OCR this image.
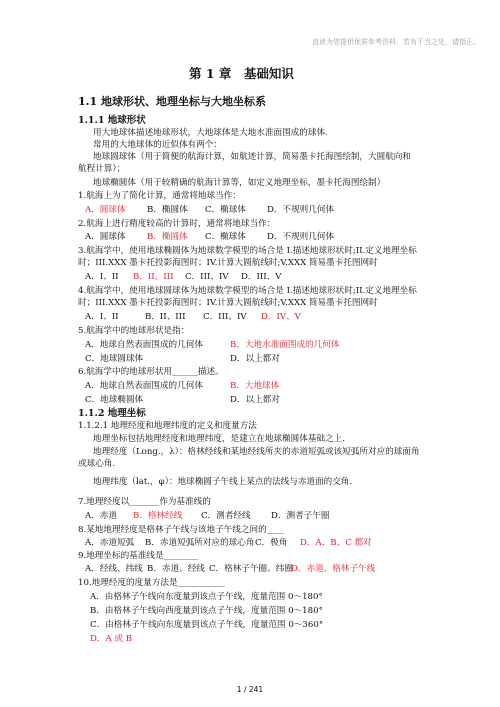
直读为您提供优质参考资料，若有不当之处，请指正。
第 1 章　基础知识
1.1 地球形状、地理坐标与大地坐标系
1.1.1 地球形状
用大地球体描述地球形状，大地球体是大地水准面围成的球体.
常用的大地球体的近似体有两个：
地球圆球体（用于简便的航海计算，如航迹计算，简易墨卡托海图绘制，大圆航向和
航程计算）；
地球椭圆体（用于较精确的航海计算等，如定义地理坐标，墨卡托海图绘制）
1.航海上为了简化计算，通常将地球当作：
A．圆球体 B．椭圆体 C．椭球体 D．不规则几何体
2.航海上进行精度较高的计算时，通常将地球当作：
A．圆球体 B．椭圆体 C．椭球体 D．不规则几何体
3.航海学中，使用地球椭圆体为地球数学模型的场合是 I.描述地球形状时;II.定义地理坐标
时；III.XXX 墨卡托投影海图时；IV.计算大圆航线时;V.XXX 简易墨卡托图网时
A．I、II B．II、III C．III、IV D．III、V
4.航海学中，使用地球圆球体为地球数学模型的场合是 I.描述地球形状时;II.定义地理坐标
时；III.XXX 墨卡托投影海图时；IV.计算大圆航线时;V.XXX 简易墨卡托图网时
A．I、II	B．II、III C．III、IV D．IV、V
5.航海学中的地球形状是指：
A．地球自然表面围成的几何体	B．大地水准面围成的几何体
C．地球圆球体	D．以上都对
6.航海学中的地球形状用______描述。
A．地球自然表面围成的几何体	B．大地球体
C．地球椭圆体	D．以上都对
1.1.2 地理坐标
1.1.2.1 地理经度和地理纬度的定义和度量方法
地理坐标包括地理经度和地理纬度，是建立在地球椭圆体基础之上.
地理经度（Long.，λ）：格林经线和某地经线所夹的赤道短弧或该短弧所对应的球面角
或球心角.
地理纬度（lat.，φ）：地球椭圆子午线上某点的法线与赤道面的交角.
7.地理经度以_______作为基准线的
A．赤道 B．格林经线 C．测者经线 D．测者子午圈
8.某地地理经度是格林子午线与该地子午线之间的____
A．赤道短弧 B．赤道短弧所对应的球心角C．极角 D．A、B、C 都对
9.地理坐标的基准线是________
A．经线、纬线 B．赤道、经线 C．格林子午圈、纬圈D．赤道、格林子午线
10.地理经度的度量方法是___________
A．由格林子午线向东度量到该点子午线，度量范围 0～180°
B．由格林子午线向西度量到该点子午线，度量范围 0～180°
C．由格林子午线向东度量到该点子午线，度量范围 0～360°
D．A 或 B
1 / 241
